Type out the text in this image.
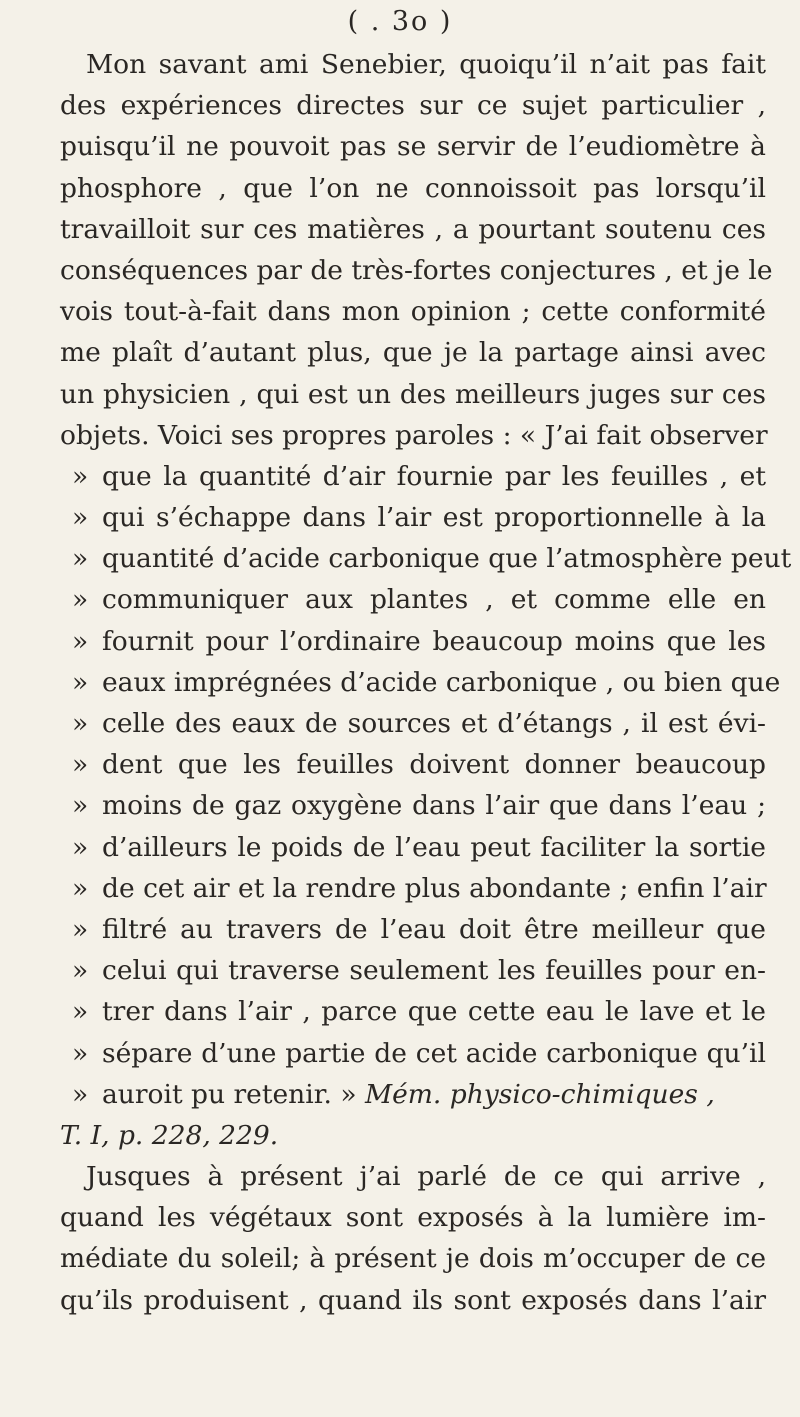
( . 3o )
Mon savant ami Senebier, quoiqu’il n’ait pas fait
des expériences directes sur ce sujet particulier ,
puisqu’il ne pouvoit pas se servir de l’eudiomètre à
phosphore , que l’on ne connoissoit pas lorsqu’il
travailloit sur ces matières , a pourtant soutenu ces
conséquences par de très-fortes conjectures , et je le
vois tout-à-fait dans mon opinion ; cette conformité
me plaît d’autant plus, que je la partage ainsi avec
un physicien , qui est un des meilleurs juges sur ces
objets. Voici ses propres paroles : « J’ai fait observer
» que la quantité d’air fournie par les feuilles , et
» qui s’échappe dans l’air est proportionnelle à la
» quantité d’acide carbonique que l’atmosphère peut
» communiquer aux plantes , et comme elle en
» fournit pour l’ordinaire beaucoup moins que les
» eaux imprégnées d’acide carbonique , ou bien que
» celle des eaux de sources et d’étangs , il est évi-
» dent que les feuilles doivent donner beaucoup
» moins de gaz oxygène dans l’air que dans l’eau ;
» d’ailleurs le poids de l’eau peut faciliter la sortie
» de cet air et la rendre plus abondante ; enfin l’air
» filtré au travers de l’eau doit être meilleur que
» celui qui traverse seulement les feuilles pour en-
» trer dans l’air , parce que cette eau le lave et le
» sépare d’une partie de cet acide carbonique qu’il
» auroit pu retenir. » Mém. physico-chimiques ,
T. I, p. 228, 229.
Jusques à présent j’ai parlé de ce qui arrive ,
quand les végétaux sont exposés à la lumière im-
médiate du soleil; à présent je dois m’occuper de ce
qu’ils produisent , quand ils sont exposés dans l’air
